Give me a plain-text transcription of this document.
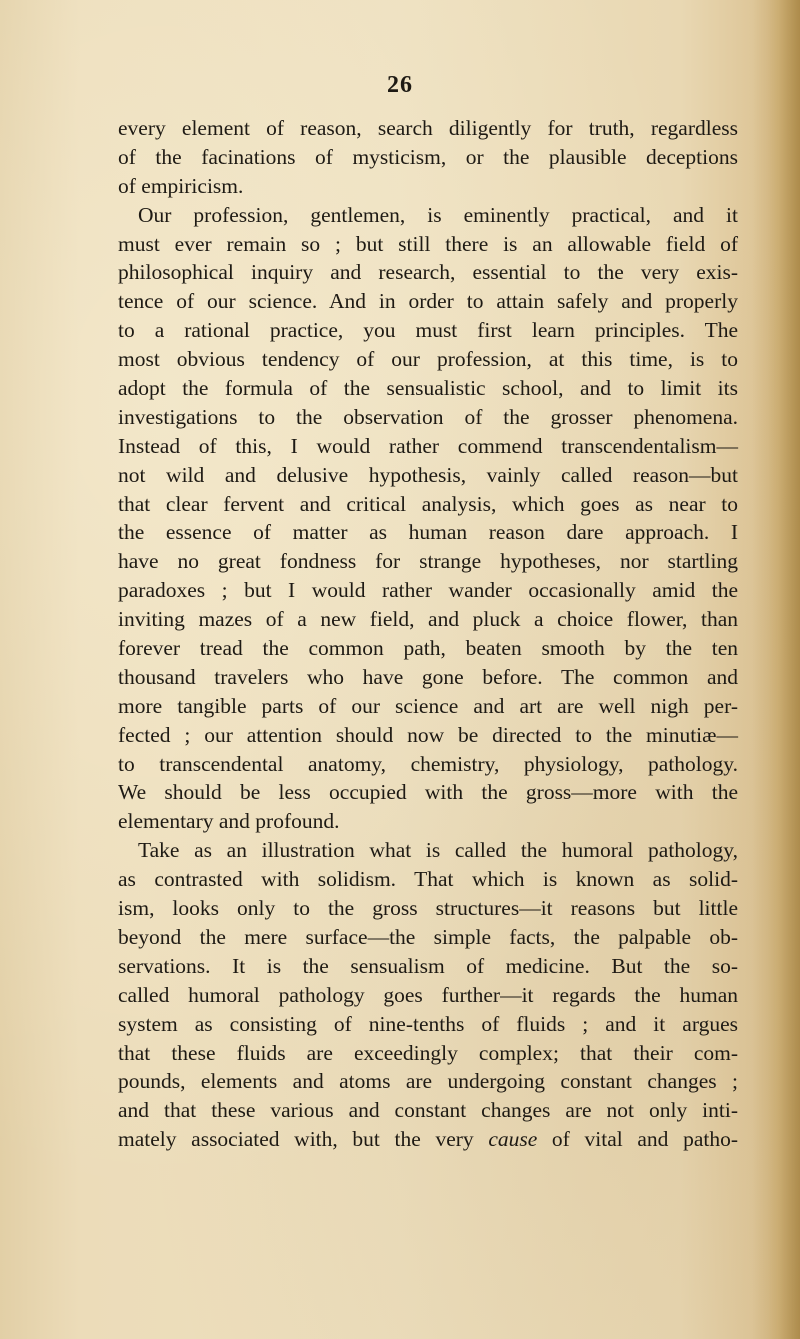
26
every element of reason, search diligently for truth, regardless
of the facinations of mysticism, or the plausible deceptions
of empiricism.
Our profession, gentlemen, is eminently practical, and it
must ever remain so ; but still there is an allowable field of
philosophical inquiry and research, essential to the very exis-
tence of our science. And in order to attain safely and properly
to a rational practice, you must first learn principles. The
most obvious tendency of our profession, at this time, is to
adopt the formula of the sensualistic school, and to limit its
investigations to the observation of the grosser phenomena.
Instead of this, I would rather commend transcendentalism—
not wild and delusive hypothesis, vainly called reason—but
that clear fervent and critical analysis, which goes as near to
the essence of matter as human reason dare approach. I
have no great fondness for strange hypotheses, nor startling
paradoxes ; but I would rather wander occasionally amid the
inviting mazes of a new field, and pluck a choice flower, than
forever tread the common path, beaten smooth by the ten
thousand travelers who have gone before. The common and
more tangible parts of our science and art are well nigh per-
fected ; our attention should now be directed to the minutiæ—
to transcendental anatomy, chemistry, physiology, pathology.
We should be less occupied with the gross—more with the
elementary and profound.
Take as an illustration what is called the humoral pathology,
as contrasted with solidism. That which is known as solid-
ism, looks only to the gross structures—it reasons but little
beyond the mere surface—the simple facts, the palpable ob-
servations. It is the sensualism of medicine. But the so-
called humoral pathology goes further—it regards the human
system as consisting of nine-tenths of fluids ; and it argues
that these fluids are exceedingly complex; that their com-
pounds, elements and atoms are undergoing constant changes ;
and that these various and constant changes are not only inti-
mately associated with, but the very cause of vital and patho-
